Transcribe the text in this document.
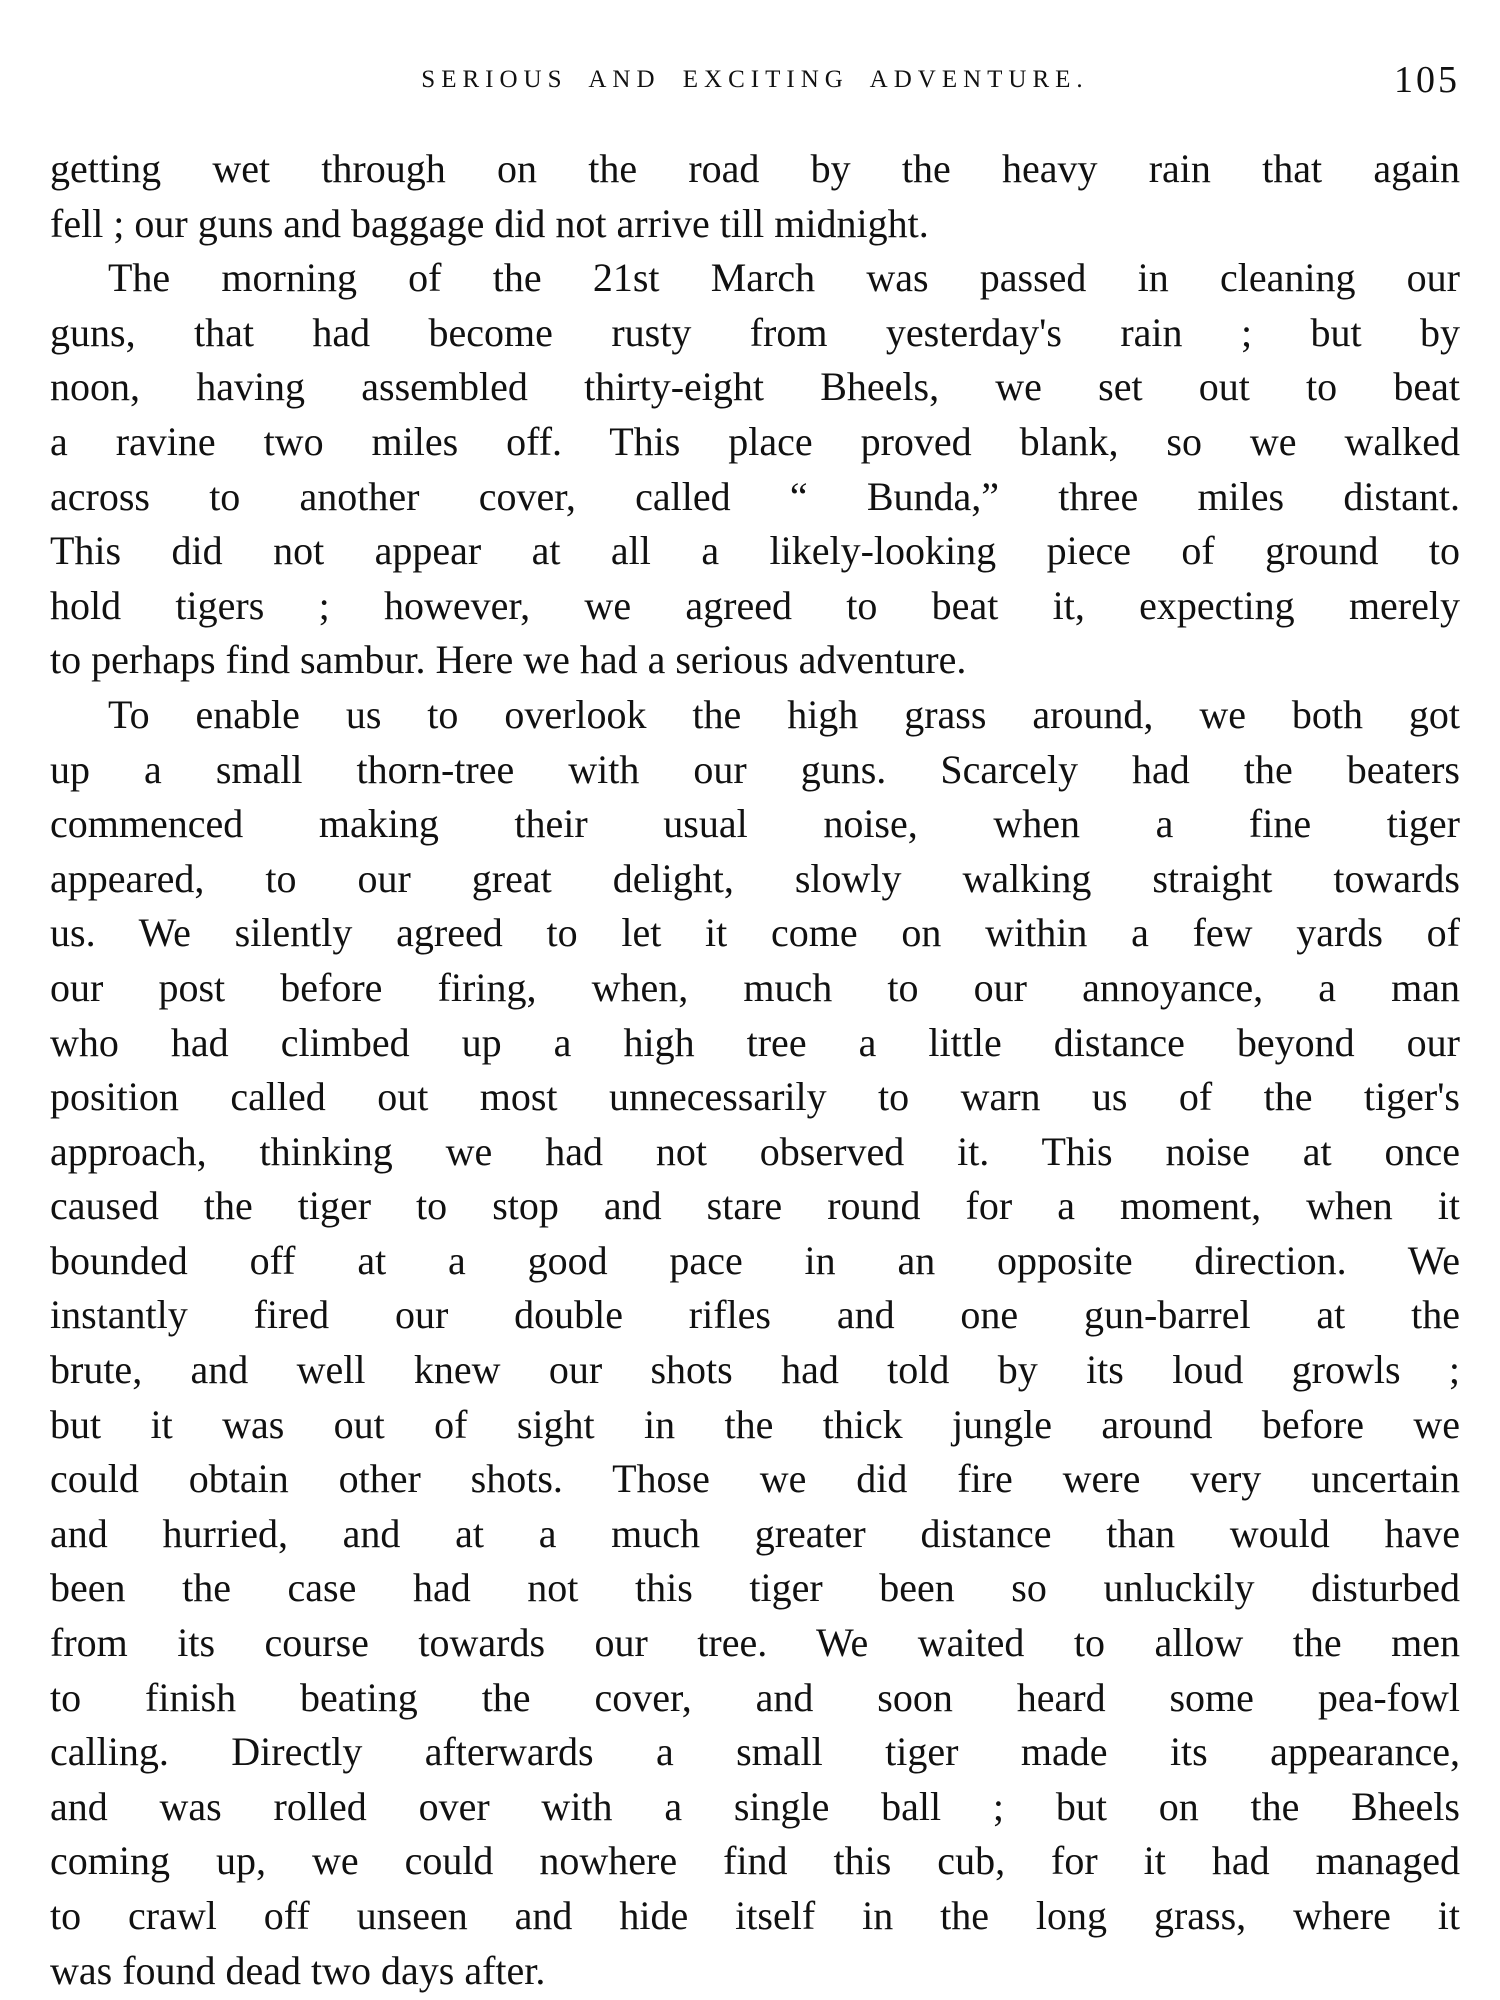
SERIOUS AND EXCITING ADVENTURE.	105
getting wet through on the road by the heavy rain that again
fell ; our guns and baggage did not arrive till midnight.
The morning of the 21st March was passed in cleaning our
guns, that had become rusty from yesterday's rain ; but by
noon, having assembled thirty-eight Bheels, we set out to beat
a ravine two miles off. This place proved blank, so we walked
across to another cover, called “ Bunda,” three miles distant.
This did not appear at all a likely-looking piece of ground to
hold tigers ; however, we agreed to beat it, expecting merely
to perhaps find sambur. Here we had a serious adventure.
To enable us to overlook the high grass around, we both got
up a small thorn-tree with our guns. Scarcely had the beaters
commenced making their usual noise, when a fine tiger
appeared, to our great delight, slowly walking straight towards
us. We silently agreed to let it come on within a few yards of
our post before firing, when, much to our annoyance, a man
who had climbed up a high tree a little distance beyond our
position called out most unnecessarily to warn us of the tiger's
approach, thinking we had not observed it. This noise at once
caused the tiger to stop and stare round for a moment, when it
bounded off at a good pace in an opposite direction. We
instantly fired our double rifles and one gun-barrel at the
brute, and well knew our shots had told by its loud growls ;
but it was out of sight in the thick jungle around before we
could obtain other shots. Those we did fire were very uncertain
and hurried, and at a much greater distance than would have
been the case had not this tiger been so unluckily disturbed
from its course towards our tree. We waited to allow the men
to finish beating the cover, and soon heard some pea-fowl
calling. Directly afterwards a small tiger made its appearance,
and was rolled over with a single ball ; but on the Bheels
coming up, we could nowhere find this cub, for it had managed
to crawl off unseen and hide itself in the long grass, where it
was found dead two days after.
